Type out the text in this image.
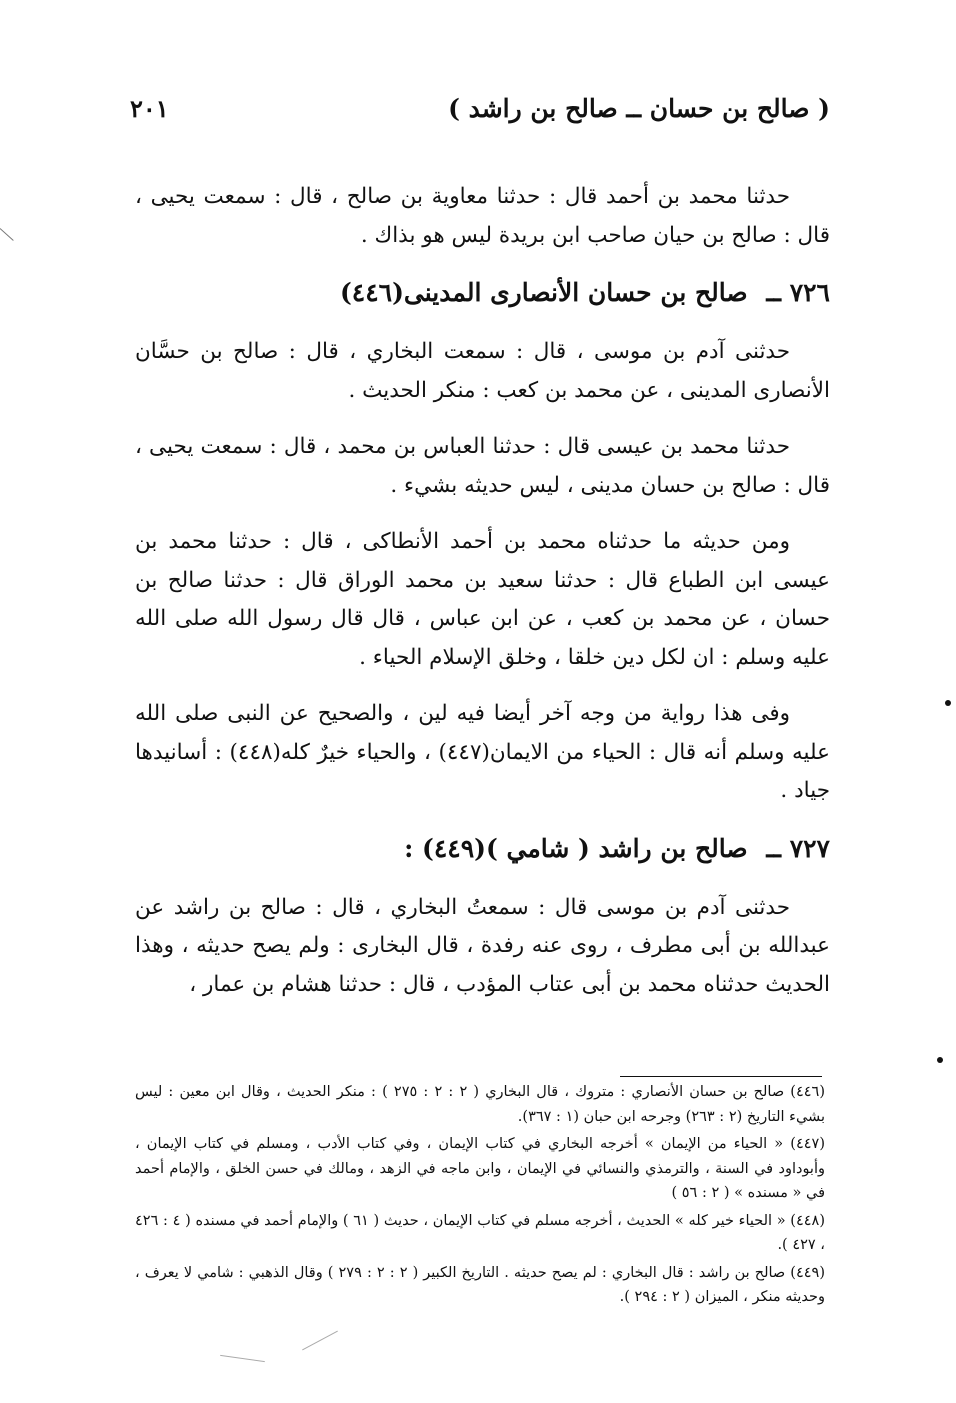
( صالح بن حسان ــ صالح بن راشد )
٢٠١

حدثنا محمد بن أحمد قال : حدثنا معاوية بن صالح ، قال : سمعت يحيى ، قال : صالح بن حيان صاحب ابن بريدة ليس هو بذاك .

٧٢٦ ــ صالح بن حسان الأنصارى المدينى(٤٤٦)

حدثنى آدم بن موسى ، قال : سمعت البخاري ، قال : صالح بن حسَّان الأنصارى المدينى ، عن محمد بن كعب : منكر الحديث .

حدثنا محمد بن عيسى قال : حدثنا العباس بن محمد ، قال : سمعت يحيى ، قال : صالح بن حسان مدينى ، ليس حديثه بشيء .

ومن حديثه ما حدثناه محمد بن أحمد الأنطاكى ، قال : حدثنا محمد بن عيسى ابن الطباع قال : حدثنا سعيد بن محمد الوراق قال : حدثنا صالح بن حسان ، عن محمد بن كعب ، عن ابن عباس ، قال قال رسول الله صلى الله عليه وسلم : ان لكل دين خلقا ، وخلق الإسلام الحياء .

وفى هذا رواية من وجه آخر أيضا فيه لين ، والصحيح عن النبى صلى الله عليه وسلم أنه قال : الحياء من الايمان(٤٤٧) ، والحياء خيرٌ كله(٤٤٨) : أسانيدها جياد .

٧٢٧ ــ صالح بن راشد ( شامي )(٤٤٩) :

حدثنى آدم بن موسى قال : سمعتُ البخاري ، قال : صالح بن راشد عن عبدالله بن أبى مطرف ، روى عنه رفدة ، قال البخارى : ولم يصح حديثه ، وهذا الحديث حدثناه محمد بن أبى عتاب المؤدب ، قال : حدثنا هشام بن عمار ،

(٤٤٦) صالح بن حسان الأنصاري : متروك ، قال البخاري ( ٢ : ٢ : ٢٧٥ ) : منكر الحديث ، وقال ابن معين : ليس بشيء التاريخ (٢ : ٢٦٣) وجرحه ابن حبان (١ : ٣٦٧).

(٤٤٧) « الحياء من الإيمان » أخرجه البخاري في كتاب الإيمان ، وفي كتاب الأدب ، ومسلم في كتاب الإيمان ، وأبوداود في السنة ، والترمذي والنسائي في الإيمان ، وابن ماجه في الزهد ، ومالك في حسن الخلق ، والإمام أحمد في « مسنده » ( ٢ : ٥٦ )

(٤٤٨) « الحياء خير كله » الحديث ، أخرجه مسلم في كتاب الإيمان ، حديث ( ٦١ ) والإمام أحمد في مسنده ( ٤ : ٤٢٦ ، ٤٢٧ ).

(٤٤٩) صالح بن راشد : قال البخاري : لم يصح حديثه . التاريخ الكبير ( ٢ : ٢ : ٢٧٩ ) وقال الذهبي : شامي لا يعرف ، وحديثه منكر ، الميزان ( ٢ : ٢٩٤ ).
